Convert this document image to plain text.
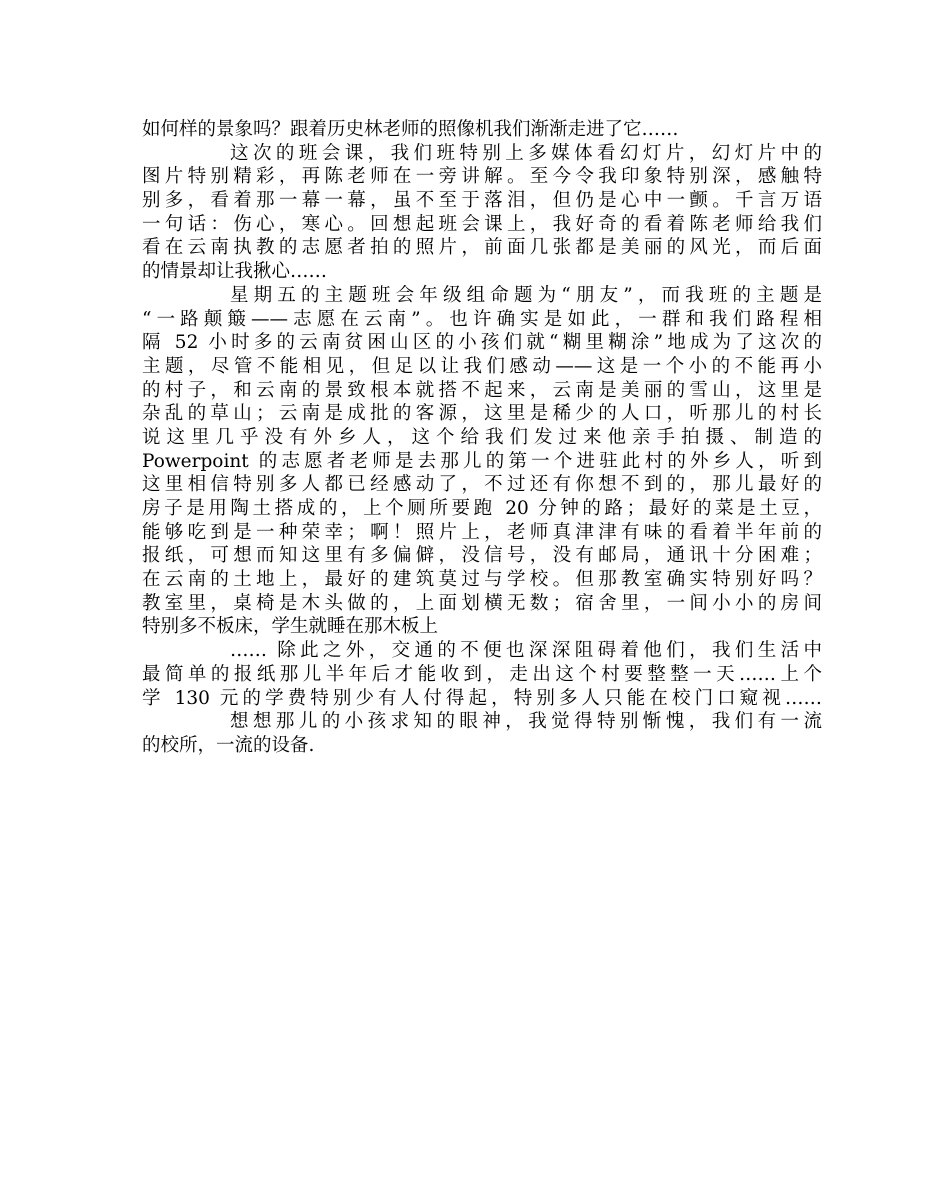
如何样的景象吗？跟着历史林老师的照像机我们渐渐走进了它……
这次的班会课，我们班特别上多媒体看幻灯片，幻灯片中的
图片特别精彩，再陈老师在一旁讲解。至今令我印象特别深，感触特
别多，看着那一幕一幕，虽不至于落泪，但仍是心中一颤。千言万语
一句话：伤心，寒心。回想起班会课上，我好奇的看着陈老师给我们
看在云南执教的志愿者拍的照片，前面几张都是美丽的风光，而后面
的情景却让我揪心……
星期五的主题班会年级组命题为“朋友”，而我班的主题是
“一路颠簸——志愿在云南”。也许确实是如此，一群和我们路程相
隔 52 小时多的云南贫困山区的小孩们就“糊里糊涂”地成为了这次的
主题，尽管不能相见，但足以让我们感动——这是一个小的不能再小
的村子，和云南的景致根本就搭不起来，云南是美丽的雪山，这里是
杂乱的草山；云南是成批的客源，这里是稀少的人口，听那儿的村长
说这里几乎没有外乡人，这个给我们发过来他亲手拍摄、制造的
Powerpoint 的志愿者老师是去那儿的第一个进驻此村的外乡人，听到
这里相信特别多人都已经感动了，不过还有你想不到的，那儿最好的
房子是用陶土搭成的，上个厕所要跑 20 分钟的路；最好的菜是土豆，
能够吃到是一种荣幸；啊！照片上，老师真津津有味的看着半年前的
报纸，可想而知这里有多偏僻，没信号，没有邮局，通讯十分困难；
在云南的土地上，最好的建筑莫过与学校。但那教室确实特别好吗？
教室里，桌椅是木头做的，上面划横无数；宿舍里，一间小小的房间
特别多不板床，学生就睡在那木板上
…… 除此之外，交通的不便也深深阻碍着他们，我们生活中
最简单的报纸那儿半年后才能收到，走出这个村要整整一天……上个
学 130 元的学费特别少有人付得起，特别多人只能在校门口窥视……
想想那儿的小孩求知的眼神，我觉得特别惭愧，我们有一流
的校所，一流的设备.
